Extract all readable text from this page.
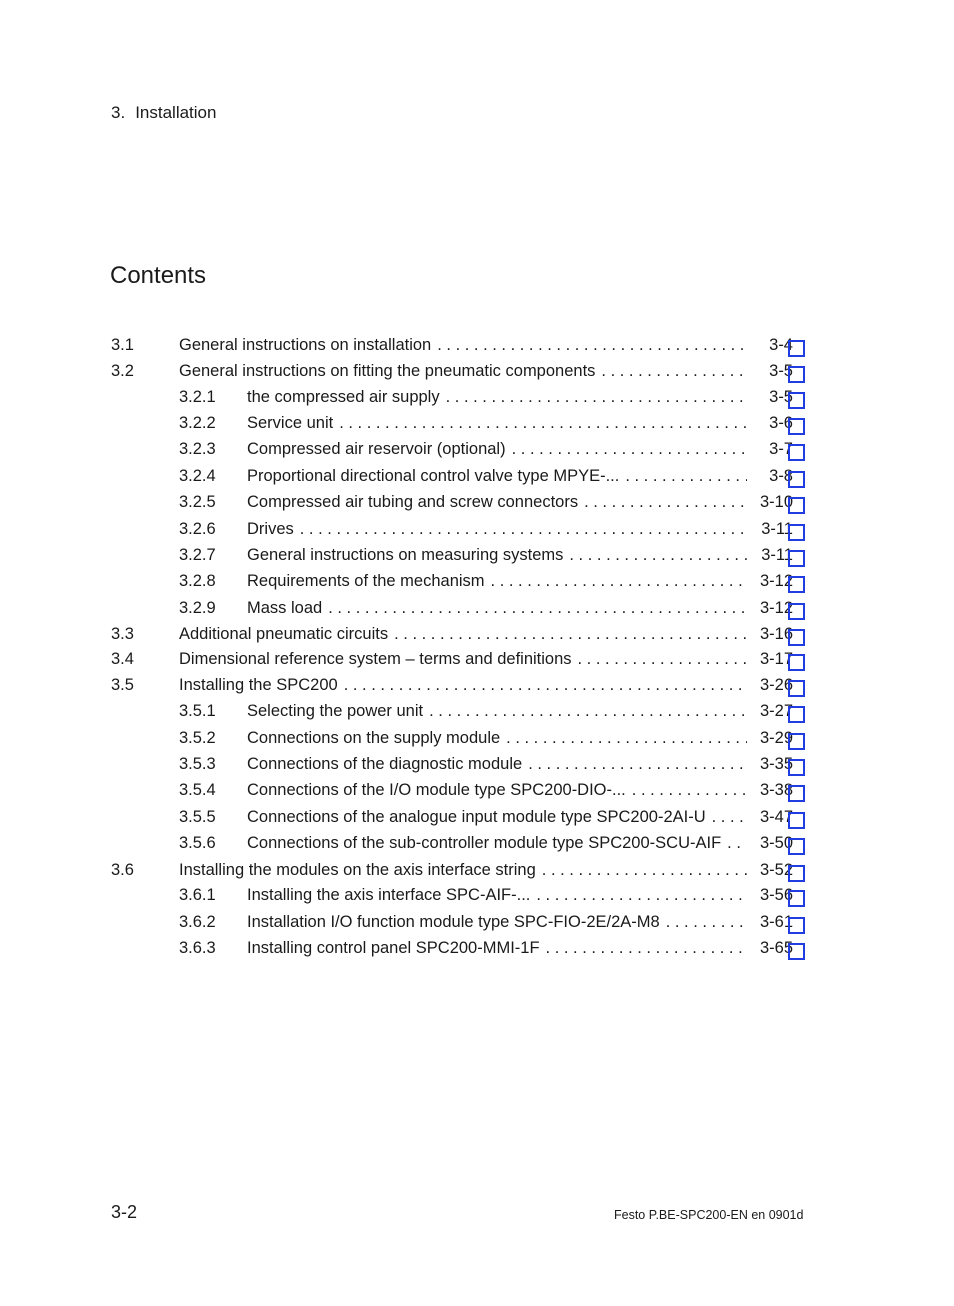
3. Installation
Contents
3.1	General instructions on installation . . .	3-4
3.2	General instructions on fitting the pneumatic components . . .	3-5
3.2.1 the compressed air supply . . .	3-5
3.2.2 Service unit . . .	3-6
3.2.3 Compressed air reservoir (optional) . . .	3-7
3.2.4 Proportional directional control valve type MPYE-... . . .	3-8
3.2.5 Compressed air tubing and screw connectors . . .	3-10
3.2.6 Drives . . .	3-11
3.2.7 General instructions on measuring systems . . .	3-11
3.2.8 Requirements of the mechanism . . .	3-12
3.2.9 Mass load . . .	3-12
3.3	Additional pneumatic circuits . . .	3-16
3.4	Dimensional reference system – terms and definitions . . .	3-17
3.5	Installing the SPC200 . . .	3-26
3.5.1 Selecting the power unit . . .	3-27
3.5.2 Connections on the supply module . . .	3-29
3.5.3 Connections of the diagnostic module . . .	3-35
3.5.4 Connections of the I/O module type SPC200-DIO-... . . .	3-38
3.5.5 Connections of the analogue input module type SPC200-2AI-U . . .	3-47
3.5.6 Connections of the sub-controller module type SPC200-SCU-AIF . . .	3-50
3.6	Installing the modules on the axis interface string . . .	3-52
3.6.1 Installing the axis interface SPC-AIF-... . . .	3-56
3.6.2 Installation I/O function module type SPC-FIO-2E/2A-M8 . . .	3-61
3.6.3 Installing control panel SPC200-MMI-1F . . .	3-65
3-2	Festo P.BE-SPC200-EN en 0901d
